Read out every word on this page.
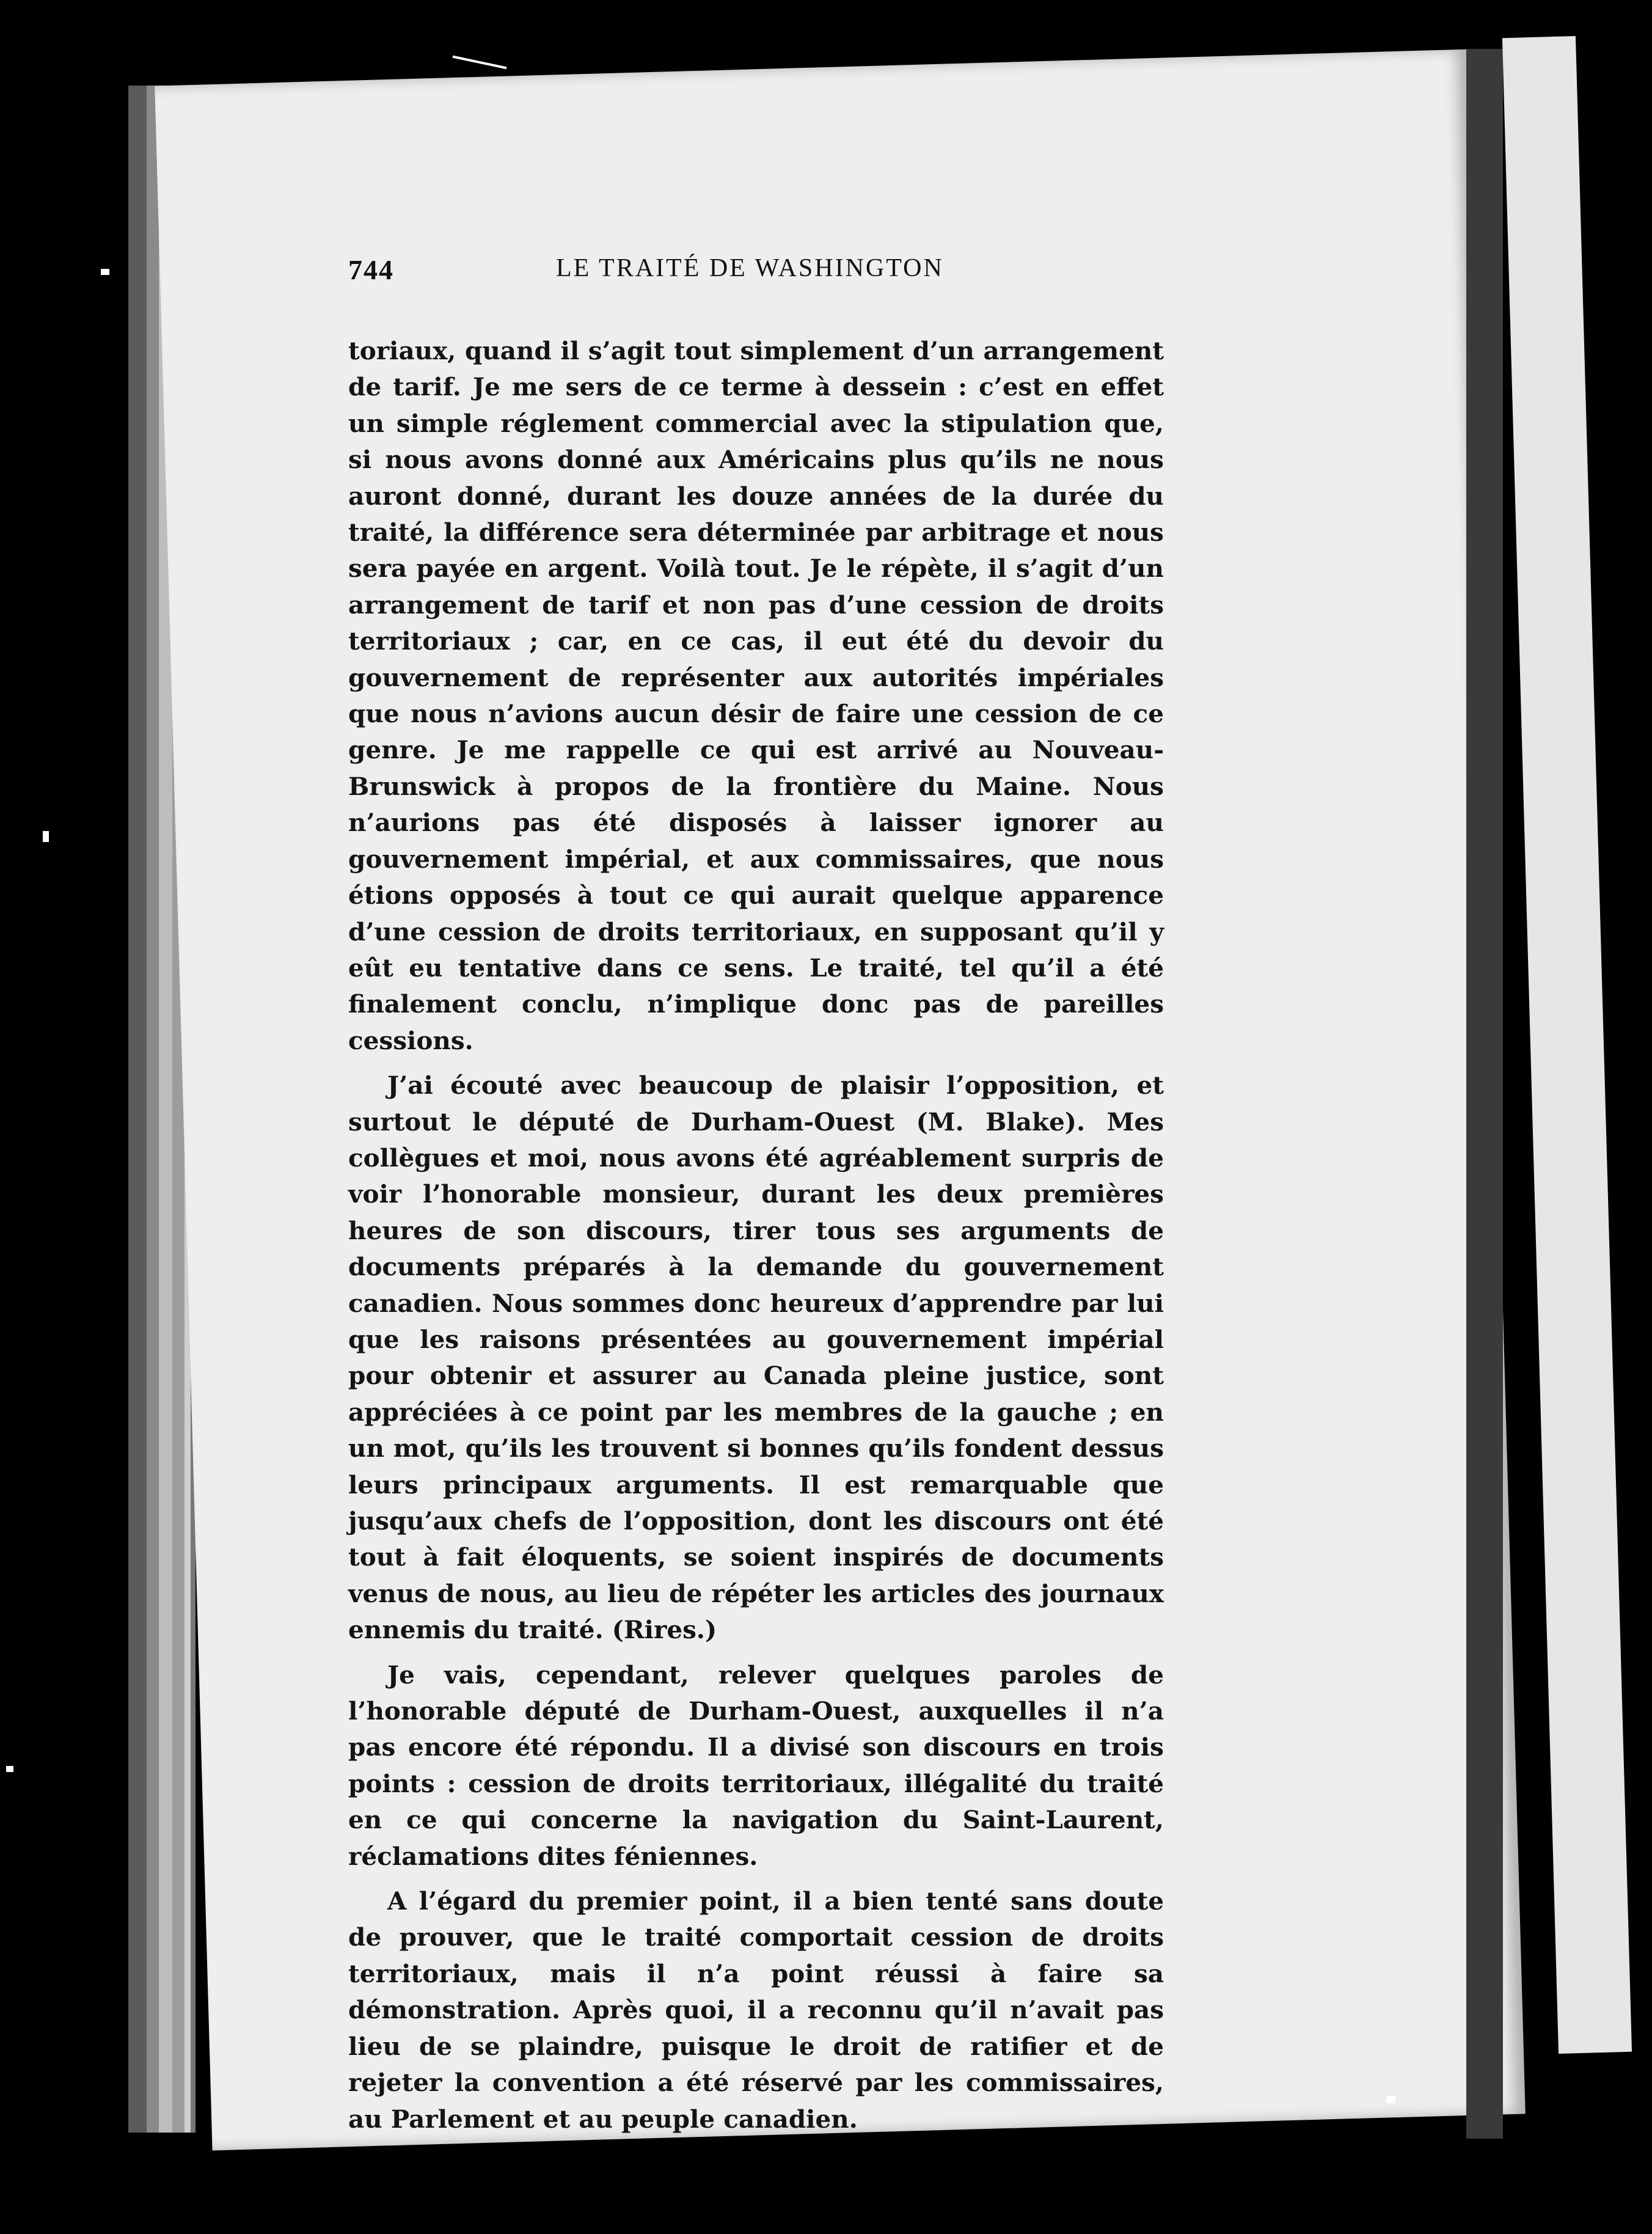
744	LE TRAITÉ DE WASHINGTON

toriaux, quand il s’agit tout simplement d’un arrangement de tarif. Je me sers de ce terme à dessein : c’est en effet un simple réglement commercial avec la stipulation que, si nous avons donné aux Américains plus qu’ils ne nous auront donné, durant les douze années de la durée du traité, la différence sera déterminée par arbitrage et nous sera payée en argent. Voilà tout. Je le répète, il s’agit d’un arrangement de tarif et non pas d’une cession de droits territoriaux ; car, en ce cas, il eut été du devoir du gouvernement de représenter aux autorités impériales que nous n’avions aucun désir de faire une cession de ce genre. Je me rappelle ce qui est arrivé au Nouveau-Brunswick à propos de la frontière du Maine. Nous n’aurions pas été disposés à laisser ignorer au gouvernement impérial, et aux commissaires, que nous étions opposés à tout ce qui aurait quelque apparence d’une cession de droits territoriaux, en supposant qu’il y eût eu tentative dans ce sens. Le traité, tel qu’il a été finalement conclu, n’implique donc pas de pareilles cessions.

J’ai écouté avec beaucoup de plaisir l’opposition, et surtout le député de Durham-Ouest (M. Blake). Mes collègues et moi, nous avons été agréablement surpris de voir l’honorable monsieur, durant les deux premières heures de son discours, tirer tous ses arguments de documents préparés à la demande du gouvernement canadien. Nous sommes donc heureux d’apprendre par lui que les raisons présentées au gouvernement impérial pour obtenir et assurer au Canada pleine justice, sont appréciées à ce point par les membres de la gauche ; en un mot, qu’ils les trouvent si bonnes qu’ils fondent dessus leurs principaux arguments. Il est remarquable que jusqu’aux chefs de l’opposition, dont les discours ont été tout à fait éloquents, se soient inspirés de documents venus de nous, au lieu de répéter les articles des journaux ennemis du traité. (Rires.)

Je vais, cependant, relever quelques paroles de l’honorable député de Durham-Ouest, auxquelles il n’a pas encore été répondu. Il a divisé son discours en trois points : cession de droits territoriaux, illégalité du traité en ce qui concerne la navigation du Saint-Laurent, réclamations dites féniennes.

A l’égard du premier point, il a bien tenté sans doute de prouver, que le traité comportait cession de droits territoriaux, mais il n’a point réussi à faire sa démonstration. Après quoi, il a reconnu qu’il n’avait pas lieu de se plaindre, puisque le droit de ratifier et de rejeter la convention a été réservé par les commissaires, au Parlement et au peuple canadien.
